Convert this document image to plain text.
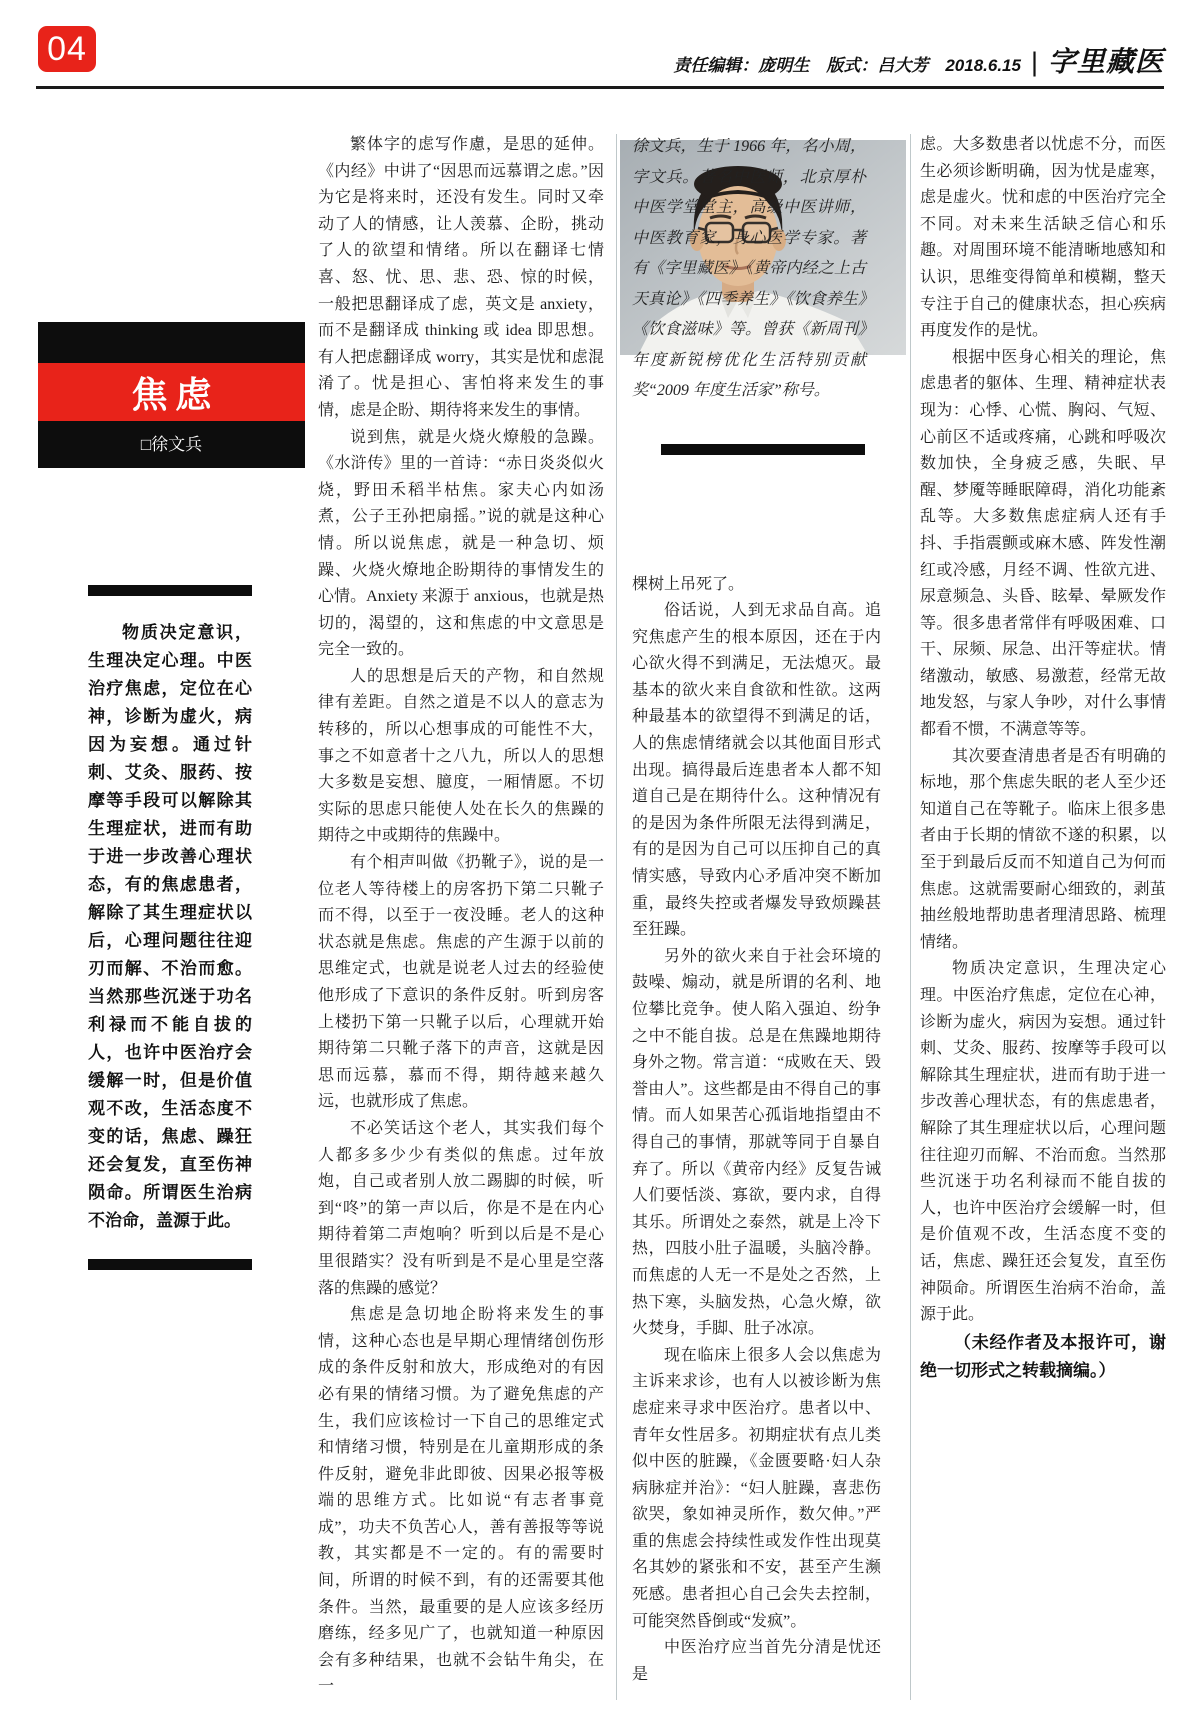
04	责任编辑：庞明生　版式：吕大芳　2018.6.15 | 字里藏医
焦虑
□徐文兵

物质决定意识，生理决定心理。中医治疗焦虑，定位在心神，诊断为虚火，病因为妄想。通过针刺、艾灸、服药、按摩等手段可以解除其生理症状，进而有助于进一步改善心理状态，有的焦虑患者，解除了其生理症状以后，心理问题往往迎刃而解、不治而愈。当然那些沉迷于功名利禄而不能自拔的人，也许中医治疗会缓解一时，但是价值观不改，生活态度不变的话，焦虑、躁狂还会复发，直至伤神陨命。所谓医生治病不治命，盖源于此。

繁体字的虑写作慮，是思的延伸。《内经》中讲了“因思而远慕谓之虑。”因为它是将来时，还没有发生。同时又牵动了人的情感，让人羡慕、企盼，挑动了人的欲望和情绪。所以在翻译七情喜、怒、忧、思、悲、恐、惊的时候，一般把思翻译成了虑，英文是 anxiety，而不是翻译成 thinking 或 idea 即思想。有人把虑翻译成 worry，其实是忧和虑混淆了。忧是担心、害怕将来发生的事情，虑是企盼、期待将来发生的事情。

说到焦，就是火烧火燎般的急躁。《水浒传》里的一首诗：“赤日炎炎似火烧，野田禾稻半枯焦。家夫心内如汤煮，公子王孙把扇摇。”说的就是这种心情。所以说焦虑，就是一种急切、烦躁、火烧火燎地企盼期待的事情发生的心情。Anxiety 来源于 anxious，也就是热切的，渴望的，这和焦虑的中文意思是完全一致的。

人的思想是后天的产物，和自然规律有差距。自然之道是不以人的意志为转移的，所以心想事成的可能性不大，事之不如意者十之八九，所以人的思想大多数是妄想、臆度，一厢情愿。不切实际的思虑只能使人处在长久的焦躁的期待之中或期待的焦躁中。

有个相声叫做《扔靴子》，说的是一位老人等待楼上的房客扔下第二只靴子而不得，以至于一夜没睡。老人的这种状态就是焦虑。焦虑的产生源于以前的思维定式，也就是说老人过去的经验使他形成了下意识的条件反射。听到房客上楼扔下第一只靴子以后，心理就开始期待第二只靴子落下的声音，这就是因思而远慕，慕而不得，期待越来越久远，也就形成了焦虑。

不必笑话这个老人，其实我们每个人都多多少少有类似的焦虑。过年放炮，自己或者别人放二踢脚的时候，听到“咚”的第一声以后，你是不是在内心期待着第二声炮响？听到以后是不是心里很踏实？没有听到是不是心里是空落落的焦躁的感觉？

焦虑是急切地企盼将来发生的事情，这种心态也是早期心理情绪创伤形成的条件反射和放大，形成绝对的有因必有果的情绪习惯。为了避免焦虑的产生，我们应该检讨一下自己的思维定式和情绪习惯，特别是在儿童期形成的条件反射，避免非此即彼、因果必报等极端的思维方式。比如说“有志者事竟成”，功夫不负苦心人，善有善报等等说教，其实都是不一定的。有的需要时间，所谓的时候不到，有的还需要其他条件。当然，最重要的是人应该多经历磨练，经多见广了，也就知道一种原因会有多种结果，也就不会钻牛角尖，在一

徐文兵，生于 1966 年，名小周，字文兵。著名中医师，北京厚朴中医学堂堂主，高级中医讲师，中医教育家，身心医学专家。著有《字里藏医》《黄帝内经之上古天真论》《四季养生》《饮食养生》《饮食滋味》等。曾获《新周刊》年度新锐榜优化生活特别贡献奖“2009 年度生活家”称号。

棵树上吊死了。

俗话说，人到无求品自高。追究焦虑产生的根本原因，还在于内心欲火得不到满足，无法熄灭。最基本的欲火来自食欲和性欲。这两种最基本的欲望得不到满足的话，人的焦虑情绪就会以其他面目形式出现。搞得最后连患者本人都不知道自己是在期待什么。这种情况有的是因为条件所限无法得到满足，有的是因为自己可以压抑自己的真情实感，导致内心矛盾冲突不断加重，最终失控或者爆发导致烦躁甚至狂躁。

另外的欲火来自于社会环境的鼓噪、煽动，就是所谓的名利、地位攀比竞争。使人陷入强迫、纷争之中不能自拔。总是在焦躁地期待身外之物。常言道：“成败在天、毁誉由人”。这些都是由不得自己的事情。而人如果苦心孤诣地指望由不得自己的事情，那就等同于自暴自弃了。所以《黄帝内经》反复告诫人们要恬淡、寡欲，要内求，自得其乐。所谓处之泰然，就是上冷下热，四肢小肚子温暖，头脑冷静。而焦虑的人无一不是处之否然，上热下寒，头脑发热，心急火燎，欲火焚身，手脚、肚子冰凉。

现在临床上很多人会以焦虑为主诉来求诊，也有人以被诊断为焦虑症来寻求中医治疗。患者以中、青年女性居多。初期症状有点儿类似中医的脏躁，《金匮要略·妇人杂病脉症并治》：“妇人脏躁，喜悲伤欲哭，象如神灵所作，数欠伸。”严重的焦虑会持续性或发作性出现莫名其妙的紧张和不安，甚至产生濒死感。患者担心自己会失去控制，可能突然昏倒或“发疯”。

中医治疗应当首先分清是忧还是

虑。大多数患者以忧虑不分，而医生必须诊断明确，因为忧是虚寒，虑是虚火。忧和虑的中医治疗完全不同。对未来生活缺乏信心和乐趣。对周围环境不能清晰地感知和认识，思维变得简单和模糊，整天专注于自己的健康状态，担心疾病再度发作的是忧。

根据中医身心相关的理论，焦虑患者的躯体、生理、精神症状表现为：心悸、心慌、胸闷、气短、心前区不适或疼痛，心跳和呼吸次数加快，全身疲乏感，失眠、早醒、梦魇等睡眠障碍，消化功能紊乱等。大多数焦虑症病人还有手抖、手指震颤或麻木感、阵发性潮红或冷感，月经不调、性欲亢进、尿意频急、头昏、眩晕、晕厥发作等。很多患者常伴有呼吸困难、口干、尿频、尿急、出汗等症状。情绪激动，敏感、易激惹，经常无故地发怒，与家人争吵，对什么事情都看不惯，不满意等等。

其次要查清患者是否有明确的标地，那个焦虑失眠的老人至少还知道自己在等靴子。临床上很多患者由于长期的情欲不遂的积累，以至于到最后反而不知道自己为何而焦虑。这就需要耐心细致的，剥茧抽丝般地帮助患者理清思路、梳理情绪。

物质决定意识，生理决定心理。中医治疗焦虑，定位在心神，诊断为虚火，病因为妄想。通过针刺、艾灸、服药、按摩等手段可以解除其生理症状，进而有助于进一步改善心理状态，有的焦虑患者，解除了其生理症状以后，心理问题往往迎刃而解、不治而愈。当然那些沉迷于功名利禄而不能自拔的人，也许中医治疗会缓解一时，但是价值观不改，生活态度不变的话，焦虑、躁狂还会复发，直至伤神陨命。所谓医生治病不治命，盖源于此。

（未经作者及本报许可，谢绝一切形式之转载摘编。）
